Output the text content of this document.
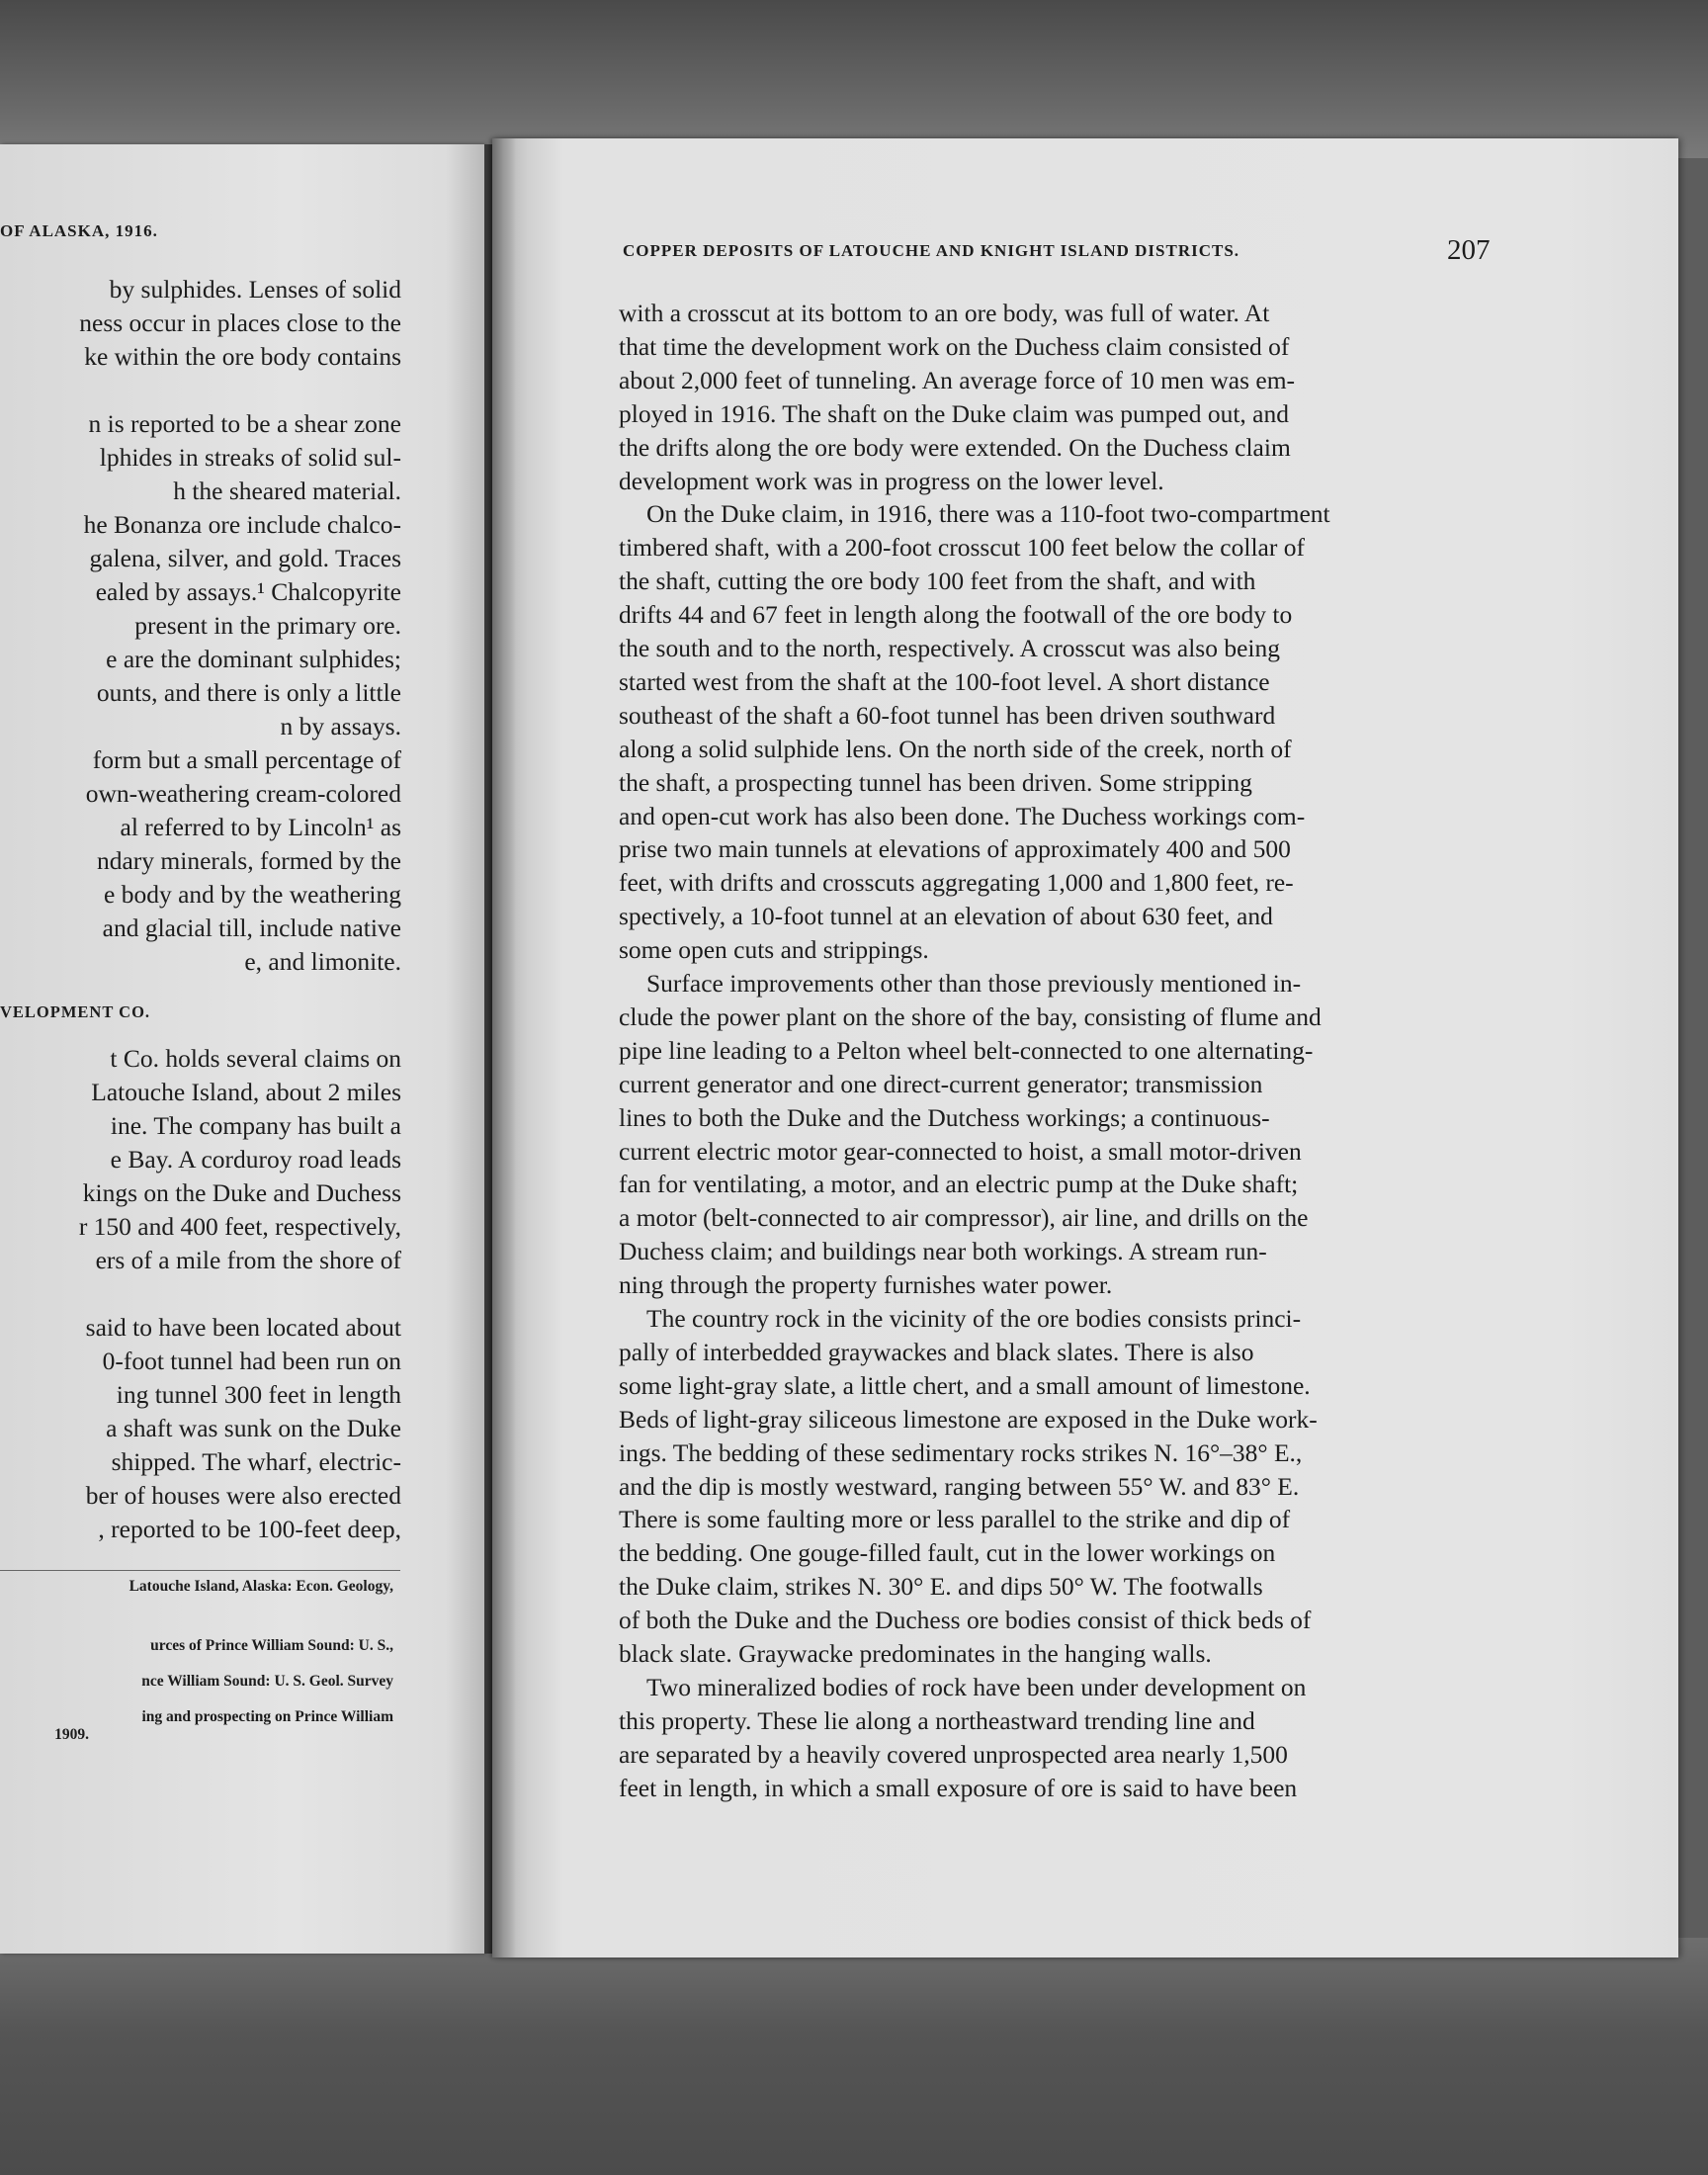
OF ALASKA, 1916.
by sulphides. Lenses of solid
ness occur in places close to the
ke within the ore body contains
n is reported to be a shear zone
lphides in streaks of solid sul-
h the sheared material.
he Bonanza ore include chalco-
galena, silver, and gold. Traces
ealed by assays.¹ Chalcopyrite
present in the primary ore.
e are the dominant sulphides;
ounts, and there is only a little
n by assays.
form but a small percentage of
own-weathering cream-colored
al referred to by Lincoln¹ as
ndary minerals, formed by the
e body and by the weathering
and glacial till, include native
e, and limonite.
VELOPMENT CO.
t Co. holds several claims on
Latouche Island, about 2 miles
ine. The company has built a
e Bay. A corduroy road leads
kings on the Duke and Duchess
r 150 and 400 feet, respectively,
ers of a mile from the shore of
said to have been located about
0-foot tunnel had been run on
ing tunnel 300 feet in length
a shaft was sunk on the Duke
shipped. The wharf, electric-
ber of houses were also erected
, reported to be 100-feet deep,
Latouche Island, Alaska: Econ. Geology,
urces of Prince William Sound: U. S.,
nce William Sound: U. S. Geol. Survey
ing and prospecting on Prince William
1909.
COPPER DEPOSITS OF LATOUCHE AND KNIGHT ISLAND DISTRICTS.	207
with a crosscut at its bottom to an ore body, was full of water. At
that time the development work on the Duchess claim consisted of
about 2,000 feet of tunneling. An average force of 10 men was em-
ployed in 1916. The shaft on the Duke claim was pumped out, and
the drifts along the ore body were extended. On the Duchess claim
development work was in progress on the lower level.
On the Duke claim, in 1916, there was a 110-foot two-compartment
timbered shaft, with a 200-foot crosscut 100 feet below the collar of
the shaft, cutting the ore body 100 feet from the shaft, and with
drifts 44 and 67 feet in length along the footwall of the ore body to
the south and to the north, respectively. A crosscut was also being
started west from the shaft at the 100-foot level. A short distance
southeast of the shaft a 60-foot tunnel has been driven southward
along a solid sulphide lens. On the north side of the creek, north of
the shaft, a prospecting tunnel has been driven. Some stripping
and open-cut work has also been done. The Duchess workings com-
prise two main tunnels at elevations of approximately 400 and 500
feet, with drifts and crosscuts aggregating 1,000 and 1,800 feet, re-
spectively, a 10-foot tunnel at an elevation of about 630 feet, and
some open cuts and strippings.
Surface improvements other than those previously mentioned in-
clude the power plant on the shore of the bay, consisting of flume and
pipe line leading to a Pelton wheel belt-connected to one alternating-
current generator and one direct-current generator; transmission
lines to both the Duke and the Dutchess workings; a continuous-
current electric motor gear-connected to hoist, a small motor-driven
fan for ventilating, a motor, and an electric pump at the Duke shaft;
a motor (belt-connected to air compressor), air line, and drills on the
Duchess claim; and buildings near both workings. A stream run-
ning through the property furnishes water power.
The country rock in the vicinity of the ore bodies consists princi-
pally of interbedded graywackes and black slates. There is also
some light-gray slate, a little chert, and a small amount of limestone.
Beds of light-gray siliceous limestone are exposed in the Duke work-
ings. The bedding of these sedimentary rocks strikes N. 16°–38° E.,
and the dip is mostly westward, ranging between 55° W. and 83° E.
There is some faulting more or less parallel to the strike and dip of
the bedding. One gouge-filled fault, cut in the lower workings on
the Duke claim, strikes N. 30° E. and dips 50° W. The footwalls
of both the Duke and the Duchess ore bodies consist of thick beds of
black slate. Graywacke predominates in the hanging walls.
Two mineralized bodies of rock have been under development on
this property. These lie along a northeastward trending line and
are separated by a heavily covered unprospected area nearly 1,500
feet in length, in which a small exposure of ore is said to have been
